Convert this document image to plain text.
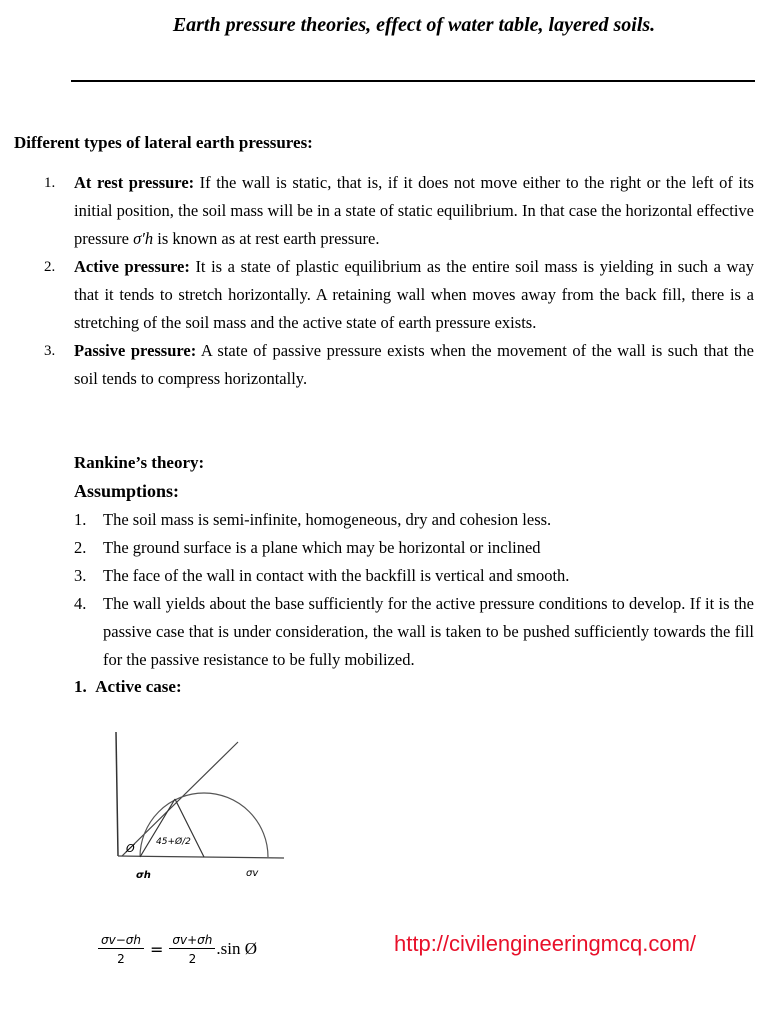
Earth pressure theories, effect of water table, layered soils.
Different types of lateral earth pressures:
1. At rest pressure: If the wall is static, that is, if it does not move either to the right or the left of its initial position, the soil mass will be in a state of static equilibrium. In that case the horizontal effective pressure σ′h is known as at rest earth pressure.
2. Active pressure: It is a state of plastic equilibrium as the entire soil mass is yielding in such a way that it tends to stretch horizontally. A retaining wall when moves away from the back fill, there is a stretching of the soil mass and the active state of earth pressure exists.
3. Passive pressure: A state of passive pressure exists when the movement of the wall is such that the soil tends to compress horizontally.
Rankine’s theory:
Assumptions:
1. The soil mass is semi-infinite, homogeneous, dry and cohesion less.
2. The ground surface is a plane which may be horizontal or inclined
3. The face of the wall in contact with the backfill is vertical and smooth.
4. The wall yields about the base sufficiently for the active pressure conditions to develop. If it is the passive case that is under consideration, the wall is taken to be pushed sufficiently towards the fill for the passive resistance to be fully mobilized.
1. Active case:
Ø 45+Ø/2
σh	σv
$\frac{\sigma v-\sigma h}{2} = \frac{\sigma v+\sigma h}{2} .\sin$ Ø	http://civilengineeringmcq.com/
